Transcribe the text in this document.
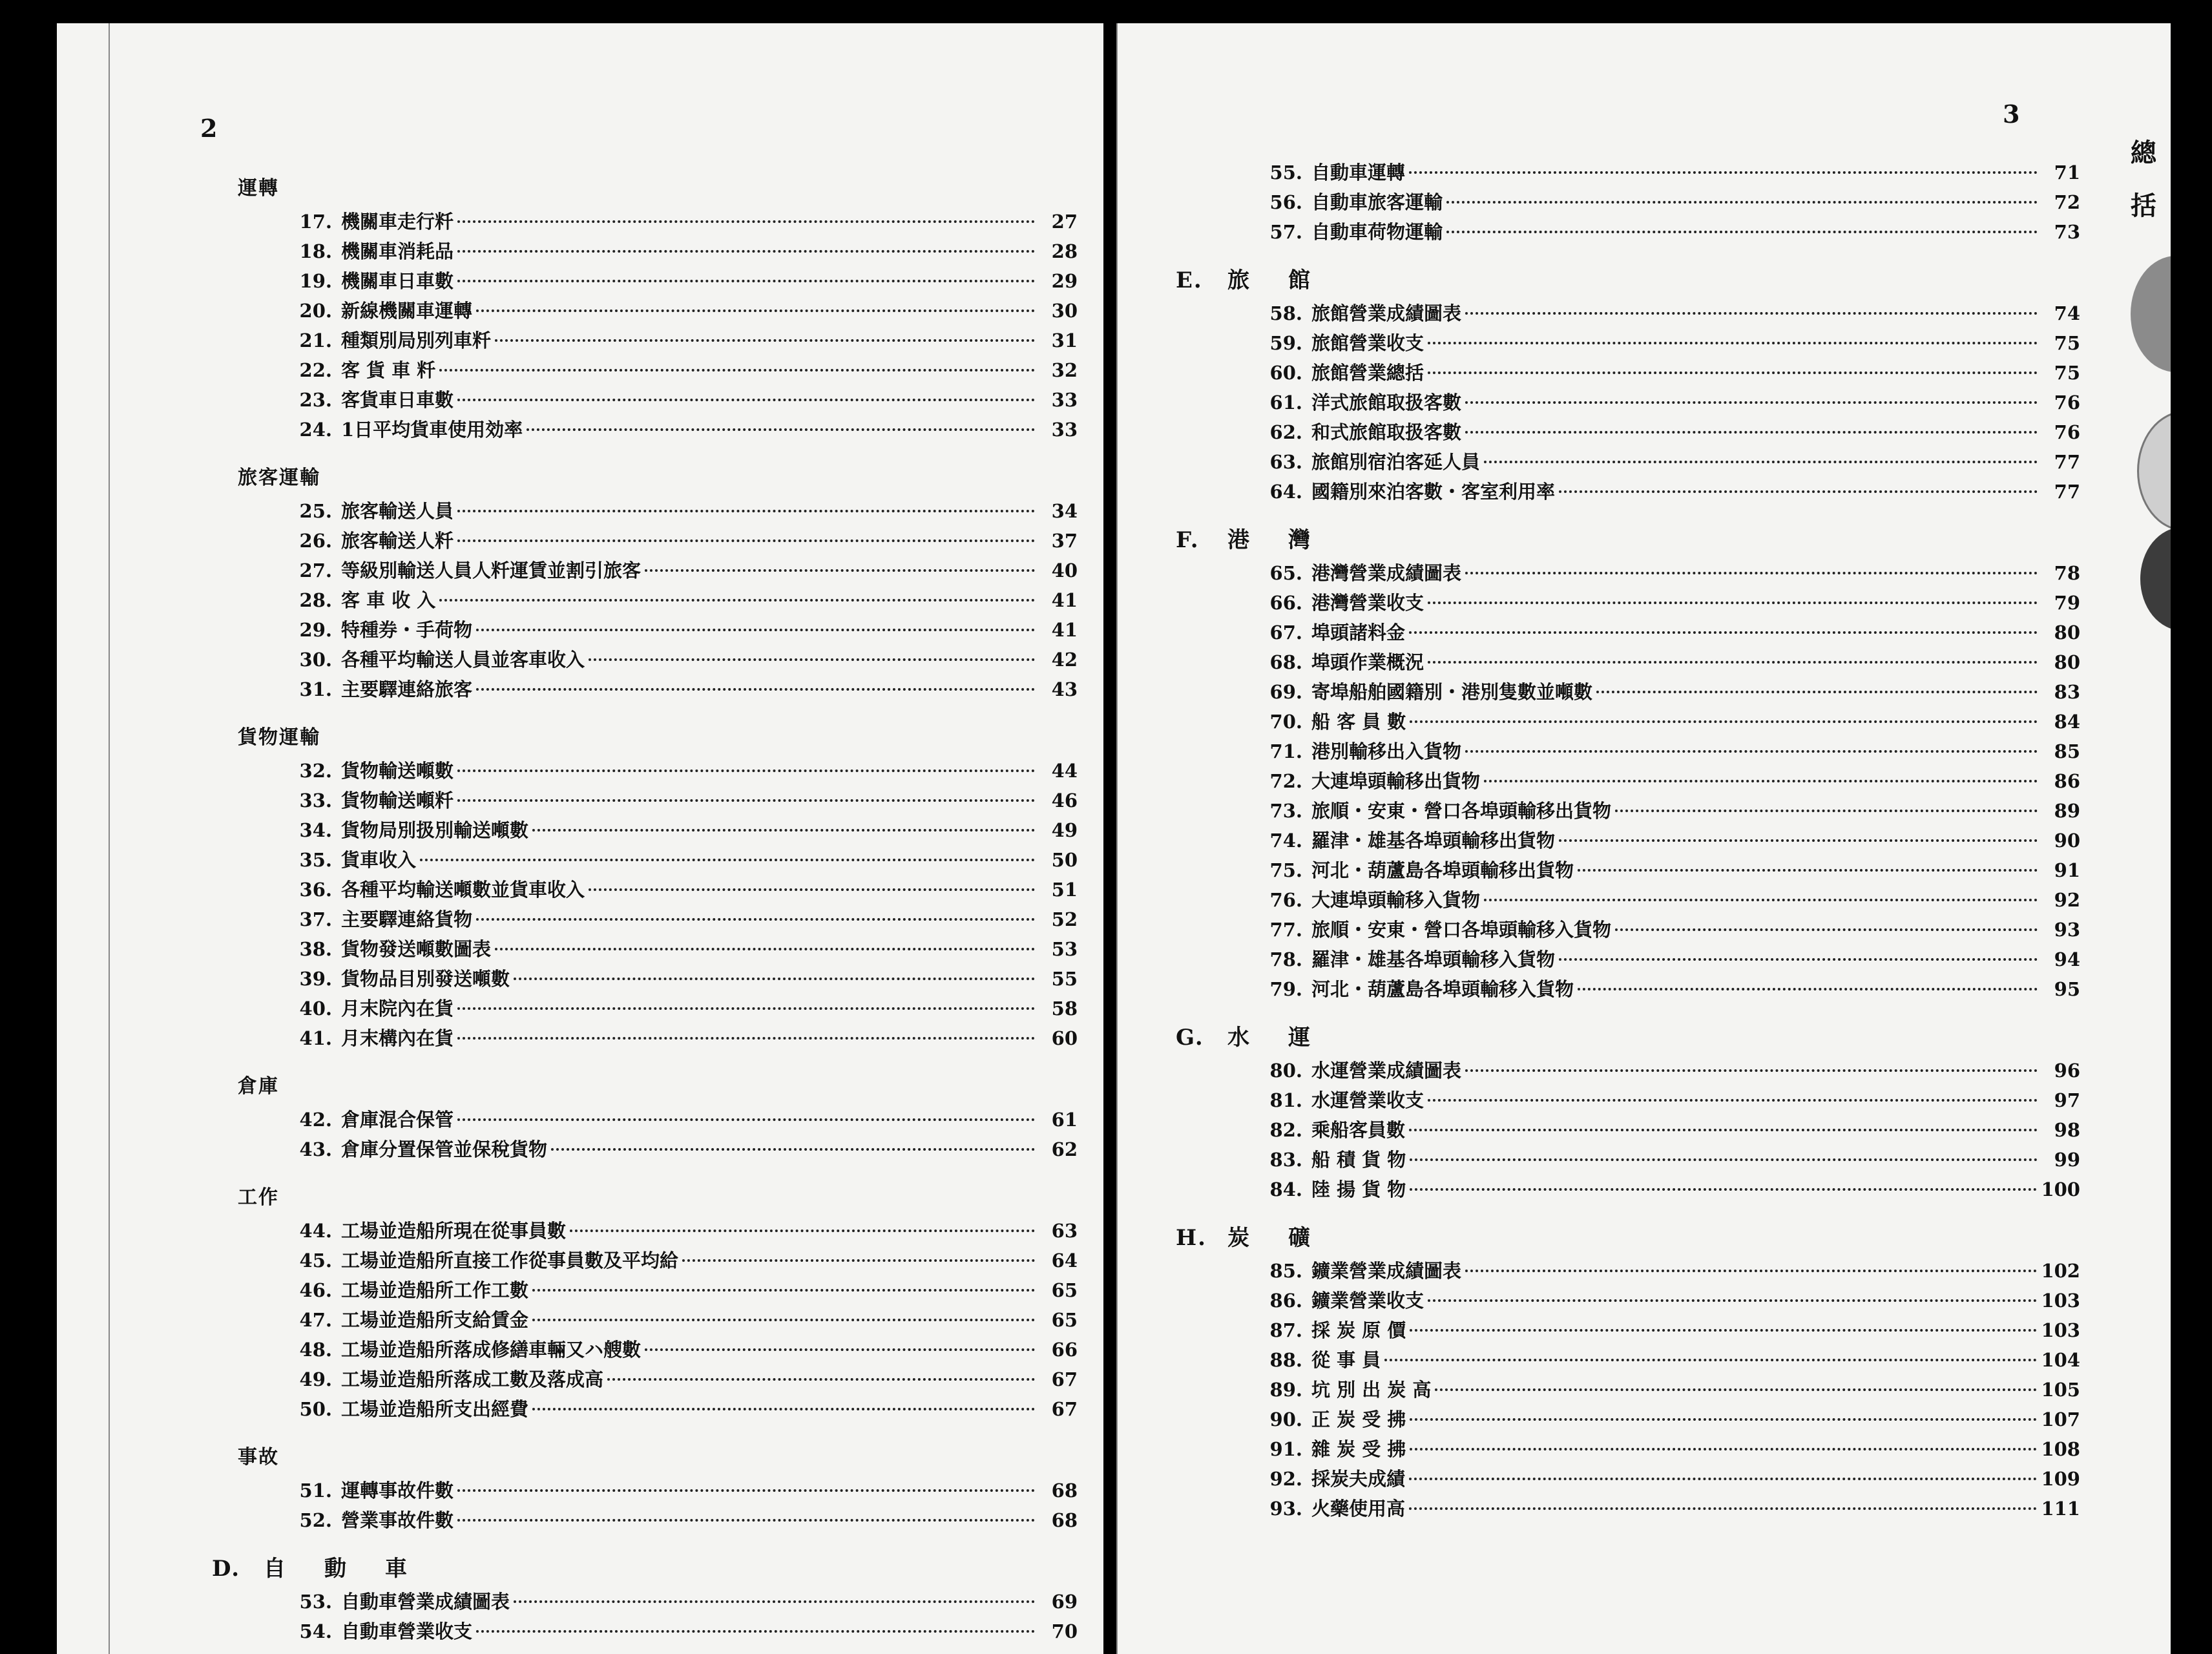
2
運轉
17. 機關車走行粁	27
18. 機關車消耗品	28
19. 機關車日車數	29
20. 新線機關車運轉	30
21. 種類別局別列車粁	31
22. 客 貨 車 粁	32
23. 客貨車日車數	33
24. 1日平均貨車使用効率	33
旅客運輸
25. 旅客輸送人員	34
26. 旅客輸送人粁	37
27. 等級別輸送人員人粁運賃並割引旅客	40
28. 客 車 收 入	41
29. 特種券・手荷物	41
30. 各種平均輸送人員並客車收入	42
31. 主要驛連絡旅客	43
貨物運輸
32. 貨物輸送噸數	44
33. 貨物輸送噸粁	46
34. 貨物局別扱別輸送噸數	49
35. 貨車收入	50
36. 各種平均輸送噸數並貨車收入	51
37. 主要驛連絡貨物	52
38. 貨物發送噸數圖表	53
39. 貨物品目別發送噸數	55
40. 月末院內在貨	58
41. 月末構內在貨	60
倉庫
42. 倉庫混合保管	61
43. 倉庫分置保管並保稅貨物	62
工作
44. 工場並造船所現在從事員數	63
45. 工場並造船所直接工作從事員數及平均給	64
46. 工場並造船所工作工數	65
47. 工場並造船所支給賃金	65
48. 工場並造船所落成修繕車輛又ハ艘數	66
49. 工場並造船所落成工數及落成高	67
50. 工場並造船所支出經費	67
事故
51. 運轉事故件數	68
52. 營業事故件數	68
D. 自動車
53. 自動車營業成績圖表	69
54. 自動車營業收支	70
3
55. 自動車運轉	71
56. 自動車旅客運輸	72
57. 自動車荷物運輸	73
E. 旅館
58. 旅館營業成績圖表	74
59. 旅館營業收支	75
60. 旅館營業總括	75
61. 洋式旅館取扱客數	76
62. 和式旅館取扱客數	76
63. 旅館別宿泊客延人員	77
64. 國籍別來泊客數・客室利用率	77
F. 港灣
65. 港灣營業成績圖表	78
66. 港灣營業收支	79
67. 埠頭諸料金	80
68. 埠頭作業概況	80
69. 寄埠船舶國籍別・港別隻數並噸數	83
70. 船 客 員 數	84
71. 港別輸移出入貨物	85
72. 大連埠頭輸移出貨物	86
73. 旅順・安東・營口各埠頭輸移出貨物	89
74. 羅津・雄基各埠頭輸移出貨物	90
75. 河北・葫蘆島各埠頭輸移出貨物	91
76. 大連埠頭輸移入貨物	92
77. 旅順・安東・營口各埠頭輸移入貨物	93
78. 羅津・雄基各埠頭輸移入貨物	94
79. 河北・葫蘆島各埠頭輸移入貨物	95
G. 水運
80. 水運營業成績圖表	96
81. 水運營業收支	97
82. 乘船客員數	98
83. 船 積 貨 物	99
84. 陸 揚 貨 物	100
H. 炭礦
85. 鑛業營業成績圖表	102
86. 鑛業營業收支	103
87. 採 炭 原 價	103
88. 從 事 員	104
89. 坑 別 出 炭 高	105
90. 正 炭 受 拂	107
91. 雜 炭 受 拂	108
92. 採炭夫成績	109
93. 火藥使用高	111
總括
